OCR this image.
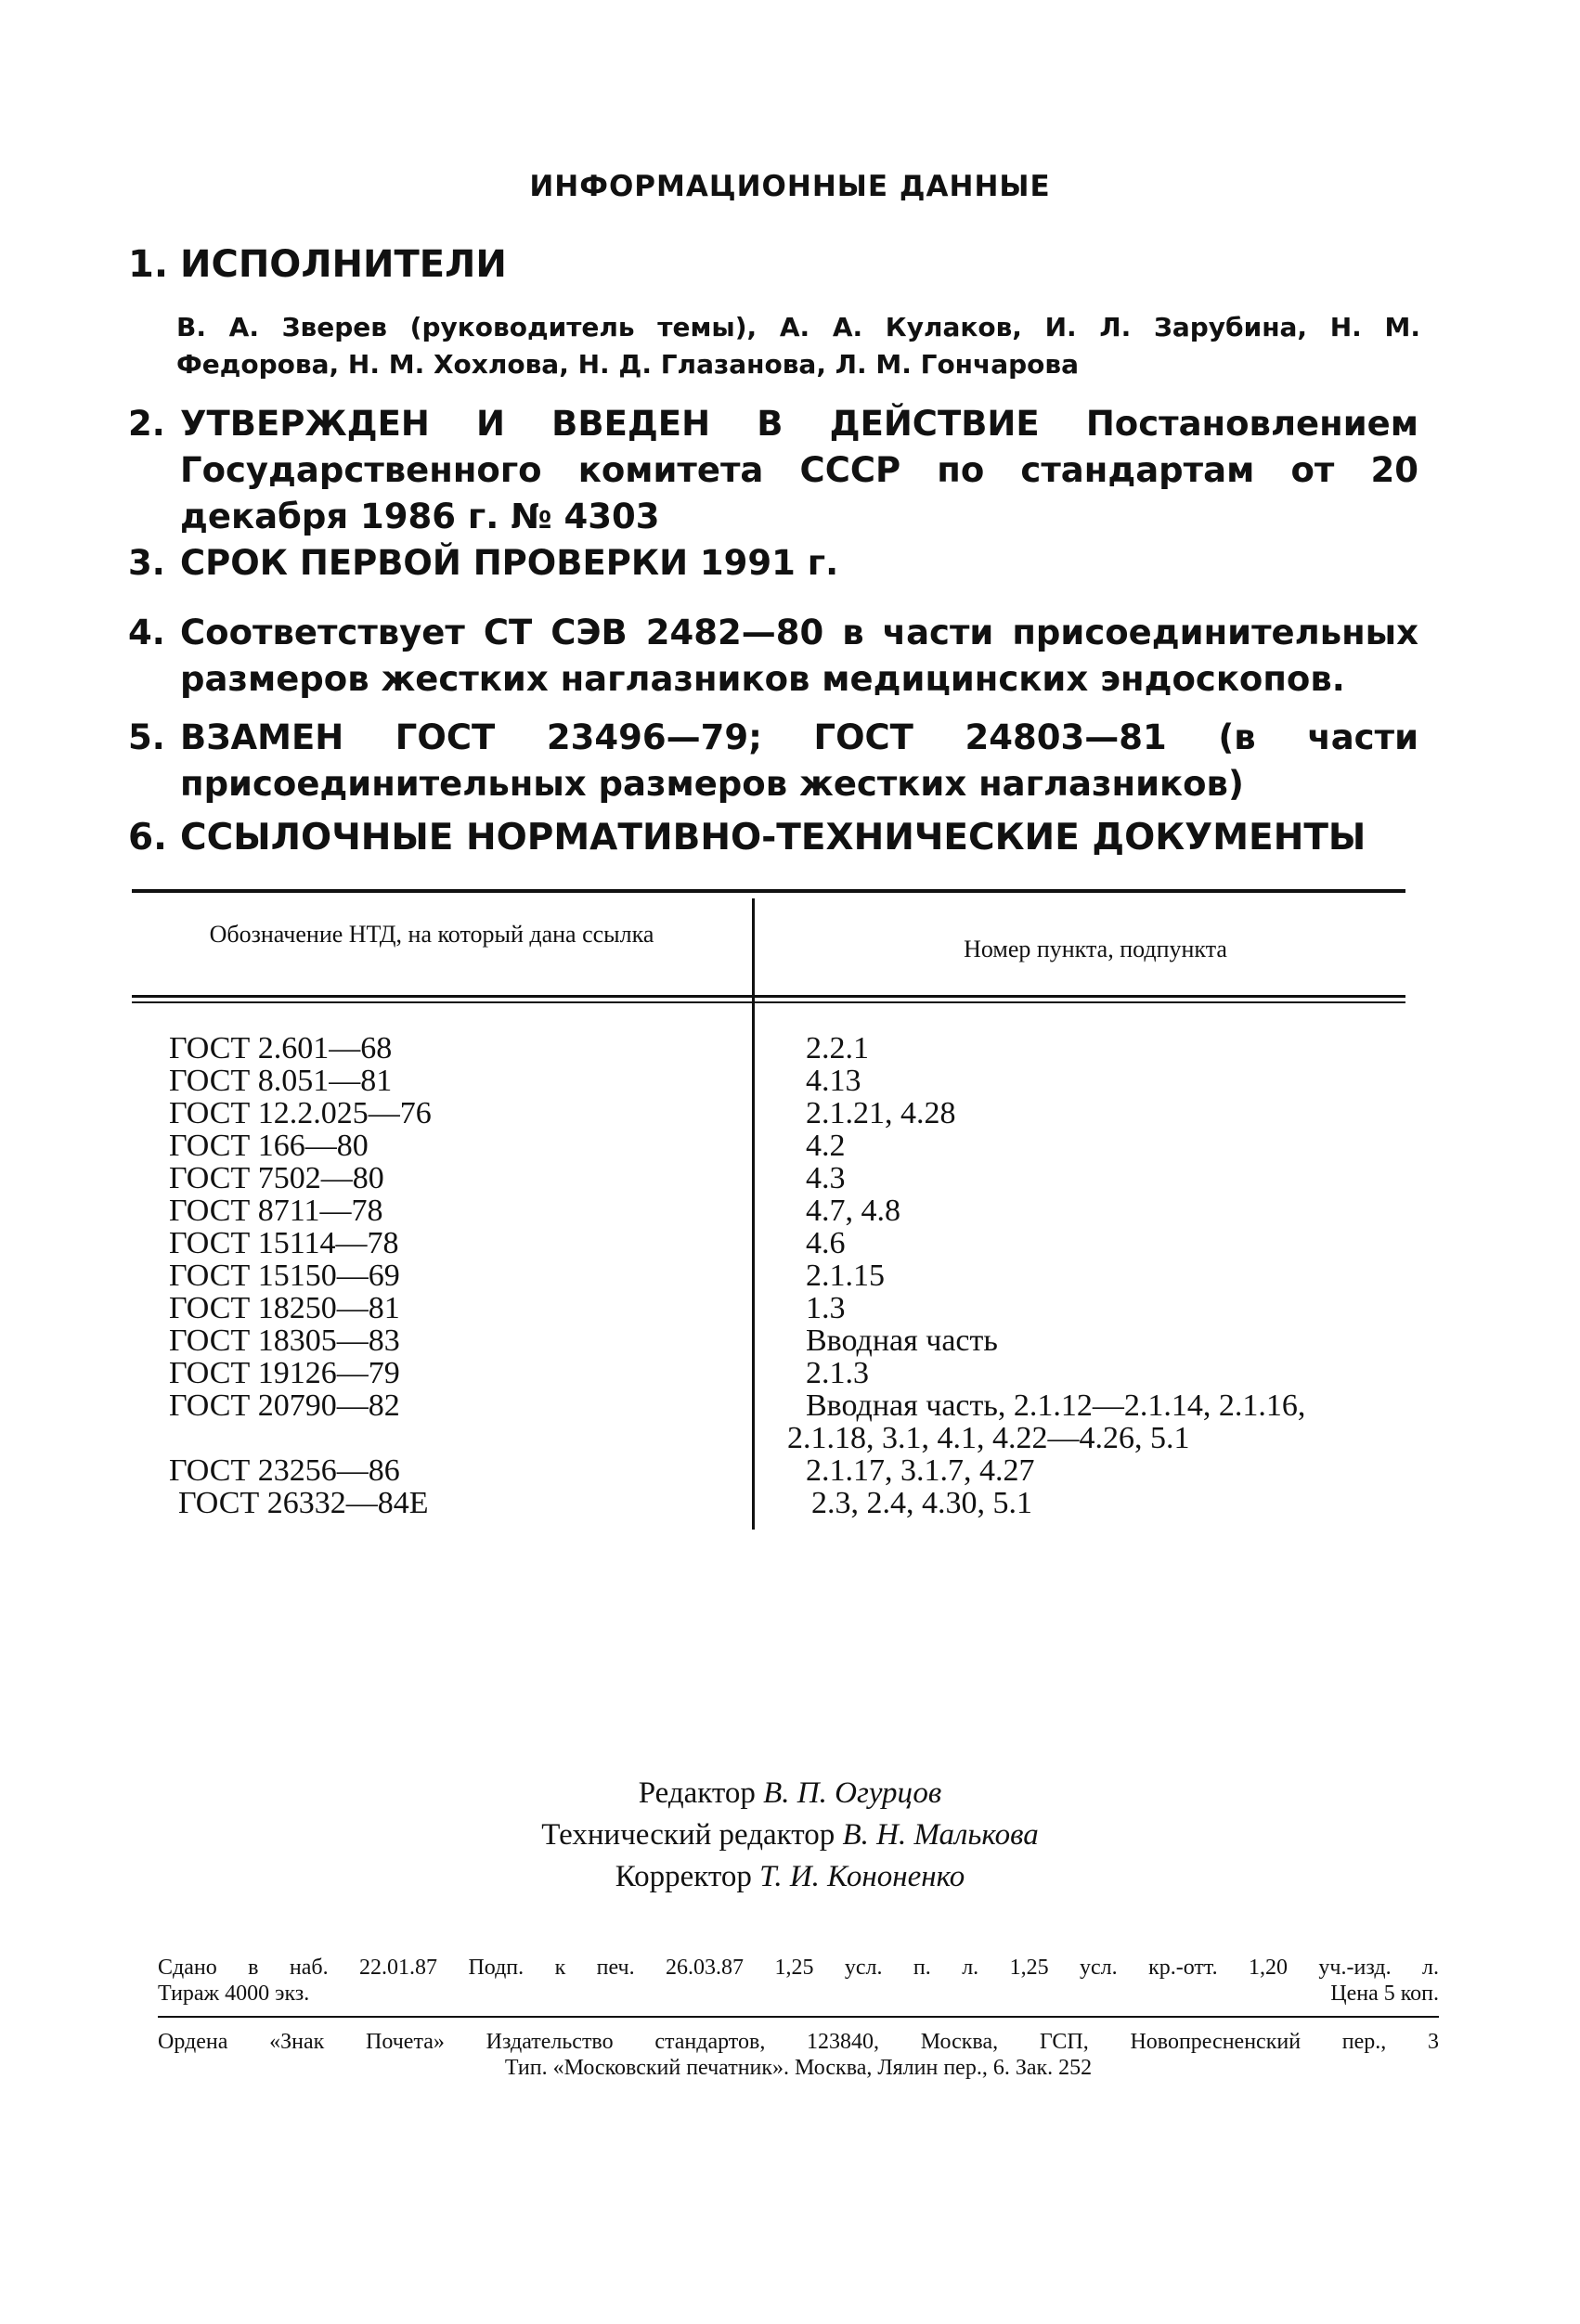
ИНФОРМАЦИОННЫЕ ДАННЫЕ
1. ИСПОЛНИТЕЛИ
В. А. Зверев (руководитель темы), А. А. Кулаков, И. Л. Зарубина, Н. М. Федорова, Н. М. Хохлова, Н. Д. Глазанова, Л. М. Гончарова
2. УТВЕРЖДЕН И ВВЕДЕН В ДЕЙСТВИЕ Постановлением Государственного комитета СССР по стандартам от 20 декабря 1986 г. № 4303
3. СРОК ПЕРВОЙ ПРОВЕРКИ 1991 г.
4. Соответствует СТ СЭВ 2482—80 в части присоединительных размеров жестких наглазников медицинских эндоскопов.
5. ВЗАМЕН ГОСТ 23496—79; ГОСТ 24803—81 (в части присоединительных размеров жестких наглазников)
6. ССЫЛОЧНЫЕ НОРМАТИВНО-ТЕХНИЧЕСКИЕ ДОКУМЕНТЫ
Обозначение НТД, на который дана ссылка
Номер пункта, подпункта
ГОСТ 2.601—68	2.2.1
ГОСТ 8.051—81	4.13
ГОСТ 12.2.025—76	2.1.21, 4.28
ГОСТ 166—80	4.2
ГОСТ 7502—80	4.3
ГОСТ 8711—78	4.7, 4.8
ГОСТ 15114—78	4.6
ГОСТ 15150—69	2.1.15
ГОСТ 18250—81	1.3
ГОСТ 18305—83	Вводная часть
ГОСТ 19126—79	2.1.3
ГОСТ 20790—82	Вводная часть, 2.1.12—2.1.14, 2.1.16,
2.1.18, 3.1, 4.1, 4.22—4.26, 5.1
ГОСТ 23256—86	2.1.17, 3.1.7, 4.27
ГОСТ 26332—84Е	2.3, 2.4, 4.30, 5.1
Редактор В. П. Огурцов
Технический редактор В. Н. Малькова
Корректор Т. И. Кононенко
Сдано в наб. 22.01.87 Подп. к печ. 26.03.87 1,25 усл. п. л. 1,25 усл. кр.-отт. 1,20 уч.-изд. л.
Тираж 4000 экз.	Цена 5 коп.
Ордена «Знак Почета» Издательство стандартов, 123840, Москва, ГСП, Новопресненский пер., 3
Тип. «Московский печатник». Москва, Лялин пер., 6. Зак. 252
